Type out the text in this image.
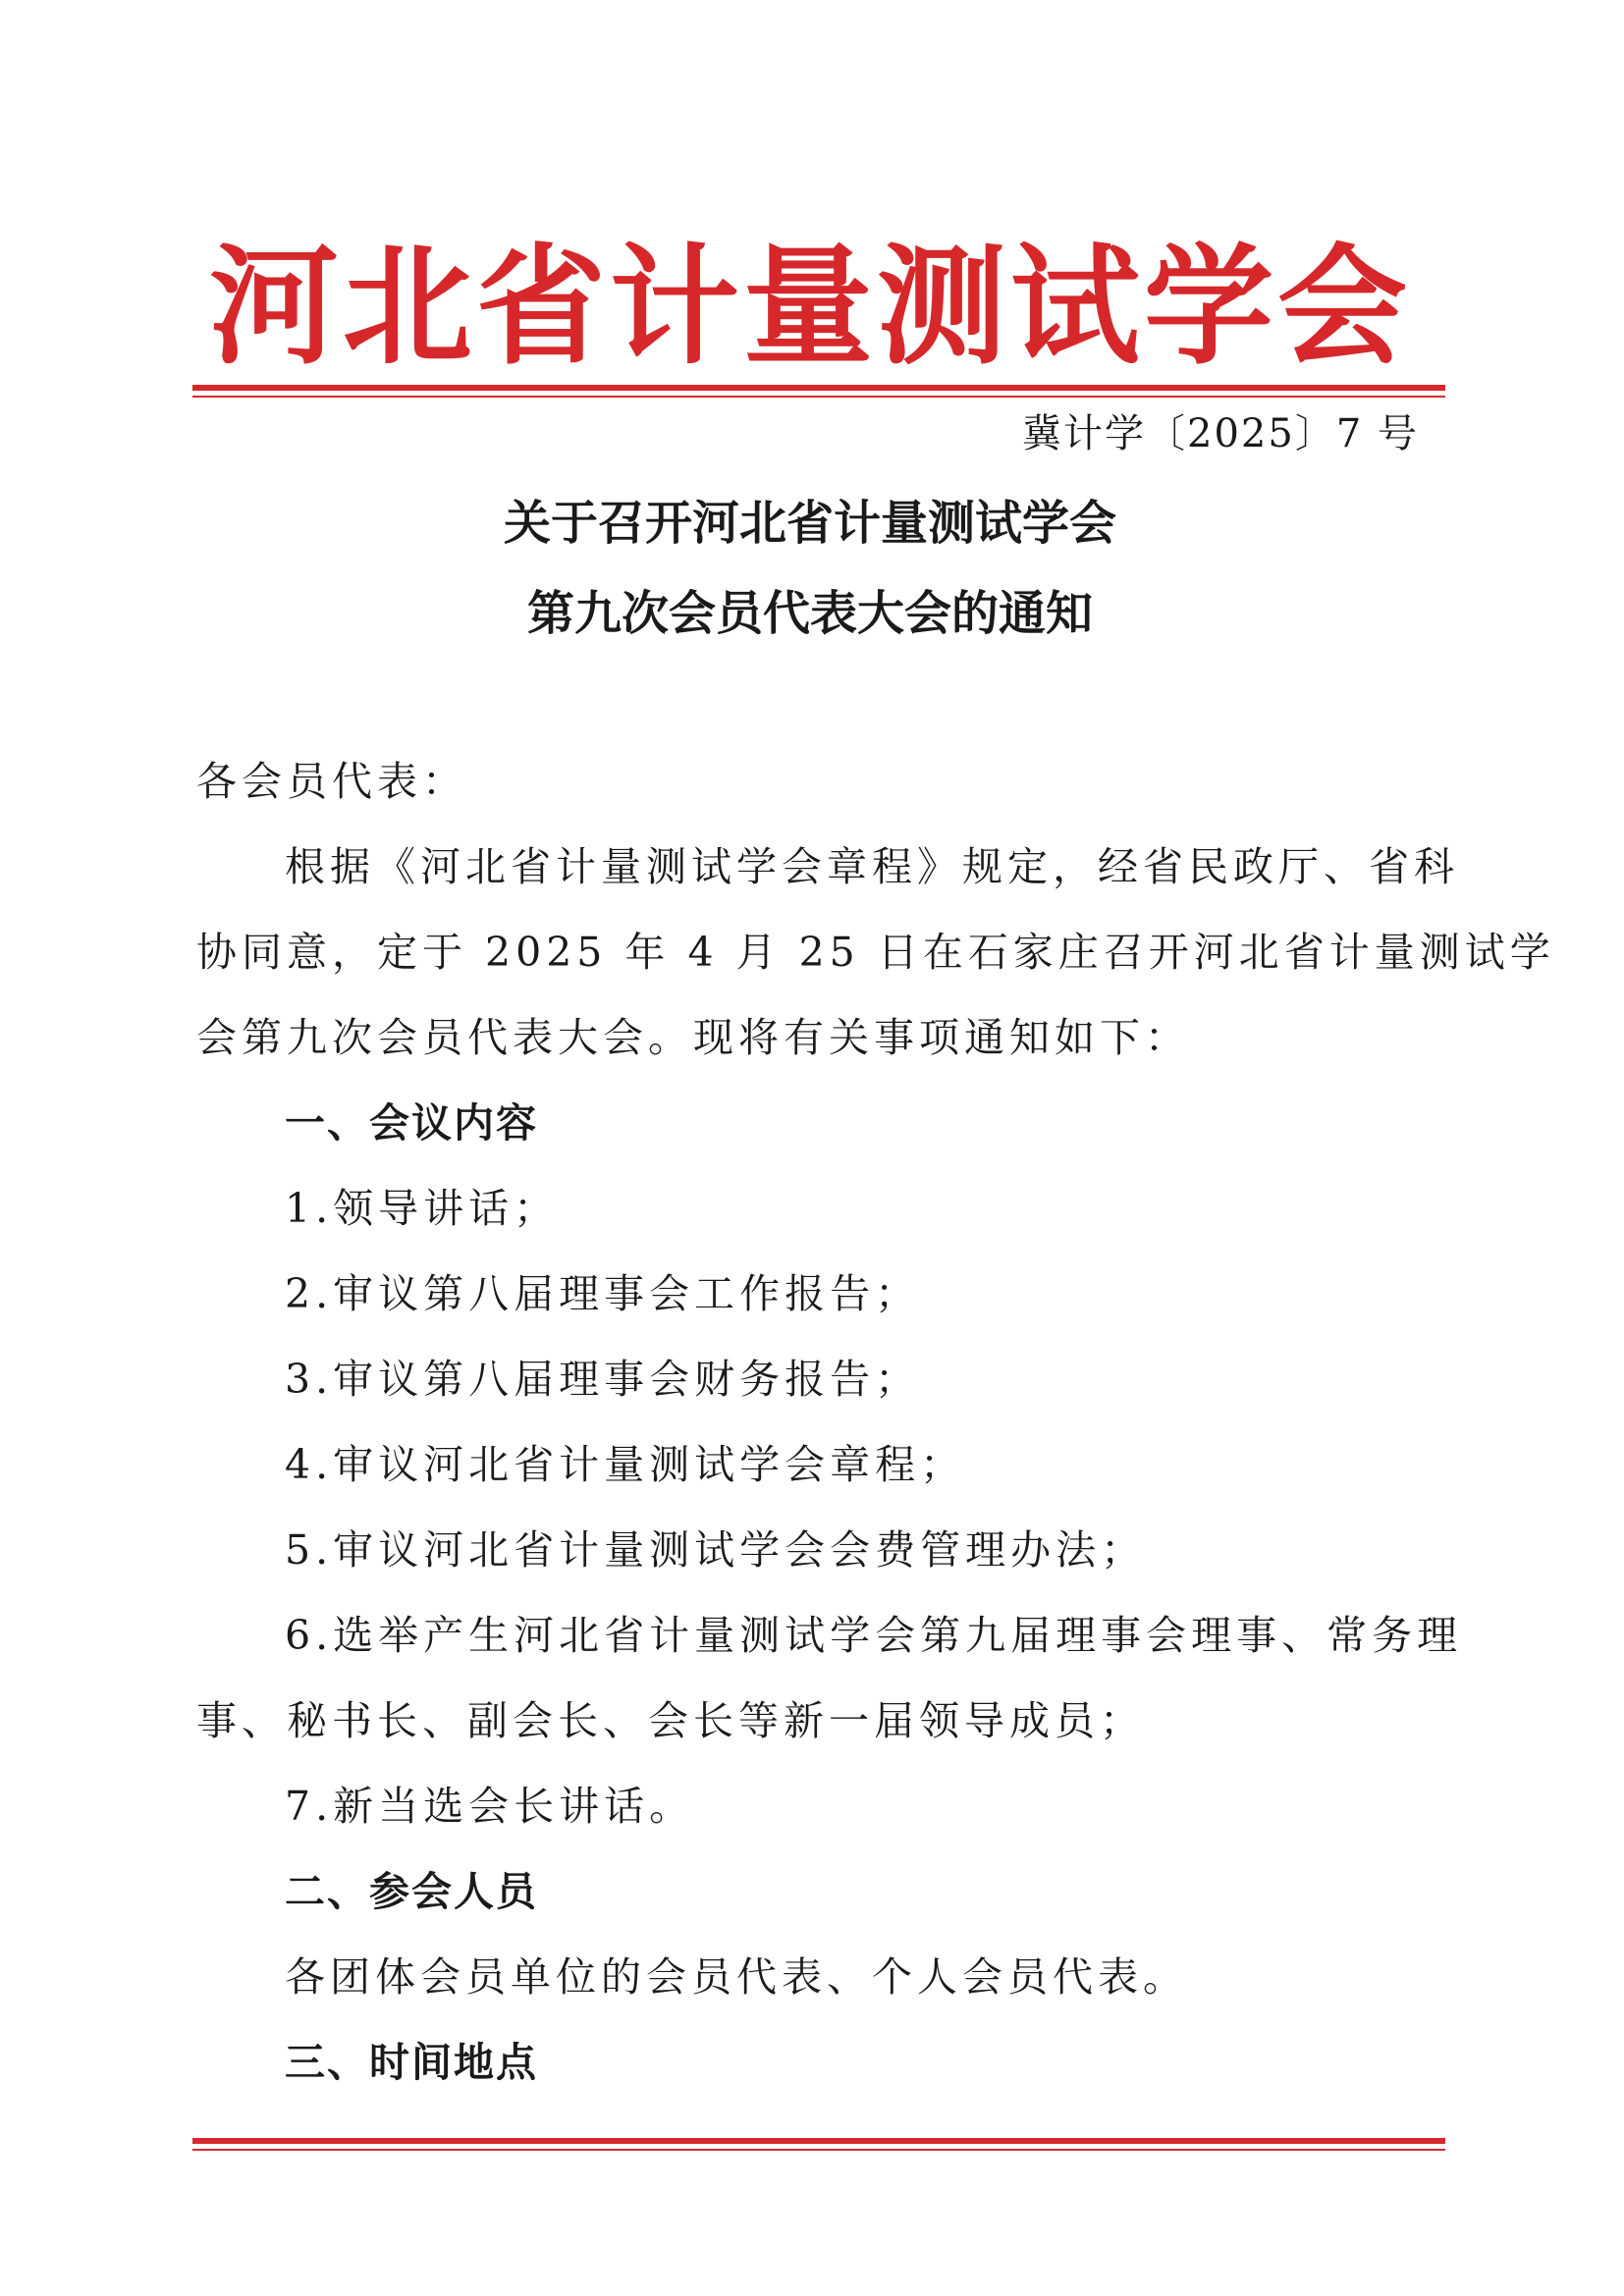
河北省计量测试学会
冀计学〔2025〕7 号
关于召开河北省计量测试学会
第九次会员代表大会的通知
各会员代表：
根据《河北省计量测试学会章程》规定，经省民政厅、省科
协同意，定于 2025 年 4 月 25 日在石家庄召开河北省计量测试学
会第九次会员代表大会。现将有关事项通知如下：
一、会议内容
1.领导讲话；
2.审议第八届理事会工作报告；
3.审议第八届理事会财务报告；
4.审议河北省计量测试学会章程；
5.审议河北省计量测试学会会费管理办法；
6.选举产生河北省计量测试学会第九届理事会理事、常务理
事、秘书长、副会长、会长等新一届领导成员；
7.新当选会长讲话。
二、参会人员
各团体会员单位的会员代表、个人会员代表。
三、时间地点
